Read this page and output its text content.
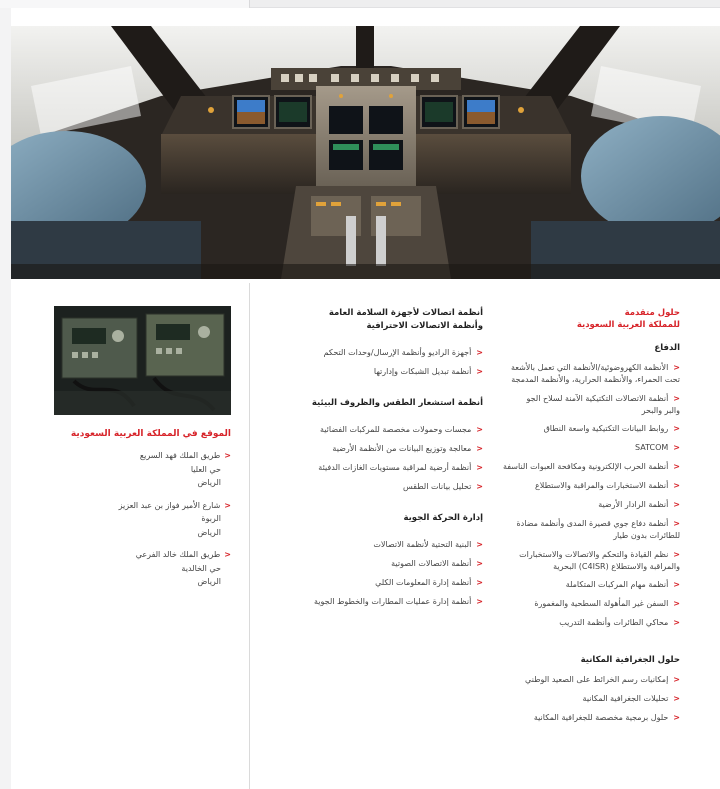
الموقع في المملكة العربية السعودية
<طريق الملك فهد السريع
حي العليا
الرياض
<شارع الأمير فواز بن عبد العزيز
الربوة
الرياض
<طريق الملك خالد الفرعي
حي الخالدية
الرياض
أنظمة اتصالات لأجهزة السلامة العامة
وأنظمة الاتصالات الاحترافية
<أجهزة الراديو وأنظمة الإرسال/وحدات التحكم
<أنظمة تبديل الشبكات وإدارتها
أنظمة استشعار الطقس والظروف البيئية
<مجسات وحمولات مخصصة للمركبات الفضائية
<معالجة وتوزيع البيانات من الأنظمة الأرضية
<أنظمة أرضية لمراقبة مستويات الغازات الدفيئة
<تحليل بيانات الطقس
إدارة الحركة الجوية
<البنية التحتية لأنظمة الاتصالات
<أنظمة الاتصالات الصوتية
<أنظمة إدارة المعلومات الكلي
<أنظمة إدارة عمليات المطارات والخطوط الجوية
حلول متقدمة
للمملكة العربية السعودية
الدفاع
<الأنظمة الكهروضوئية/الأنظمة التي تعمل بالأشعة
تحت الحمراء، والأنظمة الحرارية، والأنظمة المدمجة
<أنظمة الاتصالات التكتيكية الآمنة لسلاح الجو
والبر والبحر
<روابط البيانات التكتيكية واسعة النطاق
<SATCOM
<أنظمة الحرب الإلكترونية ومكافحة العبوات الناسفة
<أنظمة الاستخبارات والمراقبة والاستطلاع
<أنظمة الرادار الأرضية
<أنظمة دفاع جوي قصيرة المدى وأنظمة مضادة
للطائرات بدون طيار
<نظم القيادة والتحكم والاتصالات والاستخبارات
والمراقبة والاستطلاع (C4ISR) البحرية
<أنظمة مهام المركبات المتكاملة
<السفن غير المأهولة السطحية والمغمورة
<محاكي الطائرات وأنظمة التدريب
حلول الجغرافية المكانية
<إمكانيات رسم الخرائط على الصعيد الوطني
<تحليلات الجغرافية المكانية
<حلول برمجية مخصصة للجغرافية المكانية
